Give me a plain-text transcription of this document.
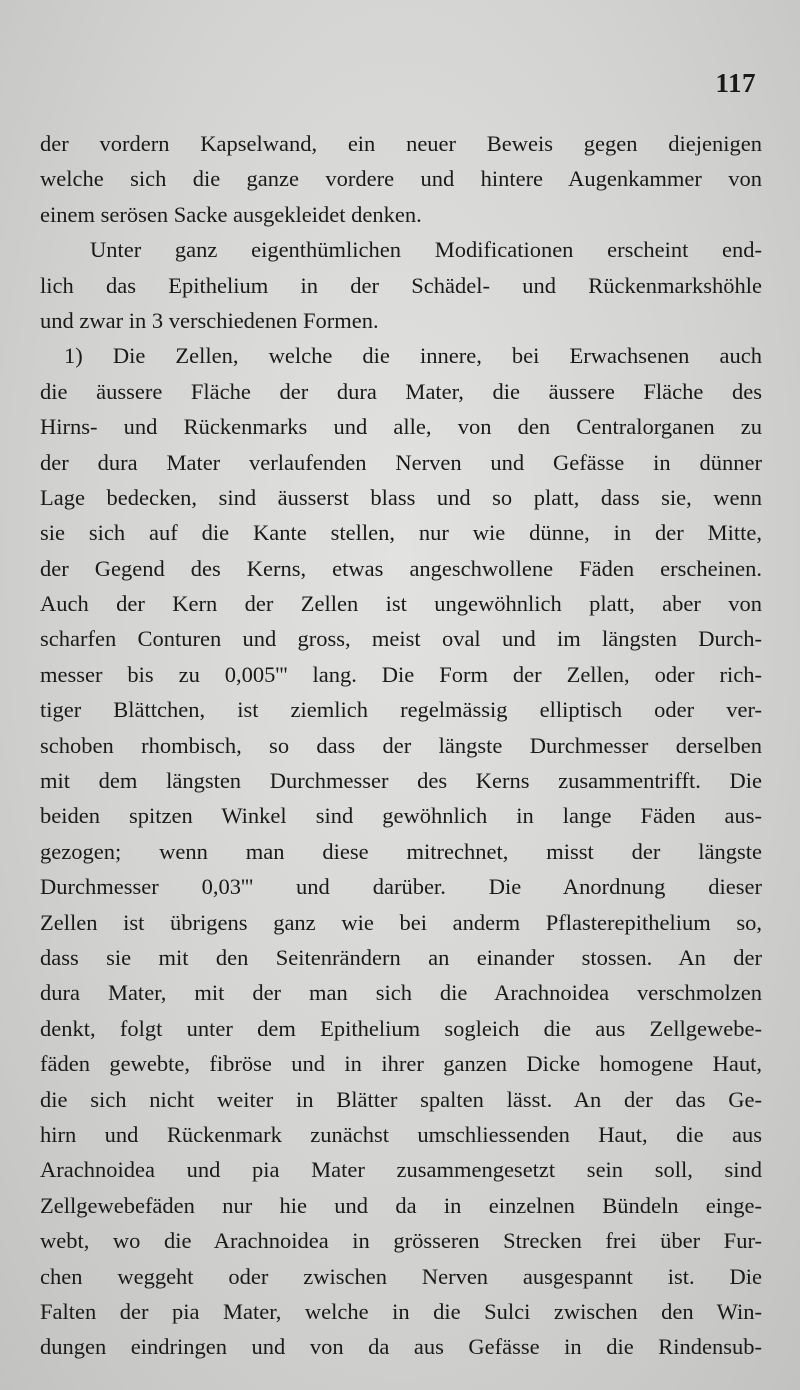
117
der vordern Kapselwand, ein neuer Beweis gegen diejenigen
welche sich die ganze vordere und hintere Augenkammer von
einem serösen Sacke ausgekleidet denken.
Unter ganz eigenthümlichen Modificationen erscheint end-
lich das Epithelium in der Schädel- und Rückenmarkshöhle
und zwar in 3 verschiedenen Formen.
1) Die Zellen, welche die innere, bei Erwachsenen auch
die äussere Fläche der dura Mater, die äussere Fläche des
Hirns- und Rückenmarks und alle, von den Centralorganen zu
der dura Mater verlaufenden Nerven und Gefässe in dünner
Lage bedecken, sind äusserst blass und so platt, dass sie, wenn
sie sich auf die Kante stellen, nur wie dünne, in der Mitte,
der Gegend des Kerns, etwas angeschwollene Fäden erscheinen.
Auch der Kern der Zellen ist ungewöhnlich platt, aber von
scharfen Conturen und gross, meist oval und im längsten Durch-
messer bis zu 0,005''' lang. Die Form der Zellen, oder rich-
tiger Blättchen, ist ziemlich regelmässig elliptisch oder ver-
schoben rhombisch, so dass der längste Durchmesser derselben
mit dem längsten Durchmesser des Kerns zusammentrifft. Die
beiden spitzen Winkel sind gewöhnlich in lange Fäden aus-
gezogen; wenn man diese mitrechnet, misst der längste
Durchmesser 0,03''' und darüber. Die Anordnung dieser
Zellen ist übrigens ganz wie bei anderm Pflasterepithelium so,
dass sie mit den Seitenrändern an einander stossen. An der
dura Mater, mit der man sich die Arachnoidea verschmolzen
denkt, folgt unter dem Epithelium sogleich die aus Zellgewebe-
fäden gewebte, fibröse und in ihrer ganzen Dicke homogene Haut,
die sich nicht weiter in Blätter spalten lässt. An der das Ge-
hirn und Rückenmark zunächst umschliessenden Haut, die aus
Arachnoidea und pia Mater zusammengesetzt sein soll, sind
Zellgewebefäden nur hie und da in einzelnen Bündeln einge-
webt, wo die Arachnoidea in grösseren Strecken frei über Fur-
chen weggeht oder zwischen Nerven ausgespannt ist. Die
Falten der pia Mater, welche in die Sulci zwischen den Win-
dungen eindringen und von da aus Gefässe in die Rindensub-
